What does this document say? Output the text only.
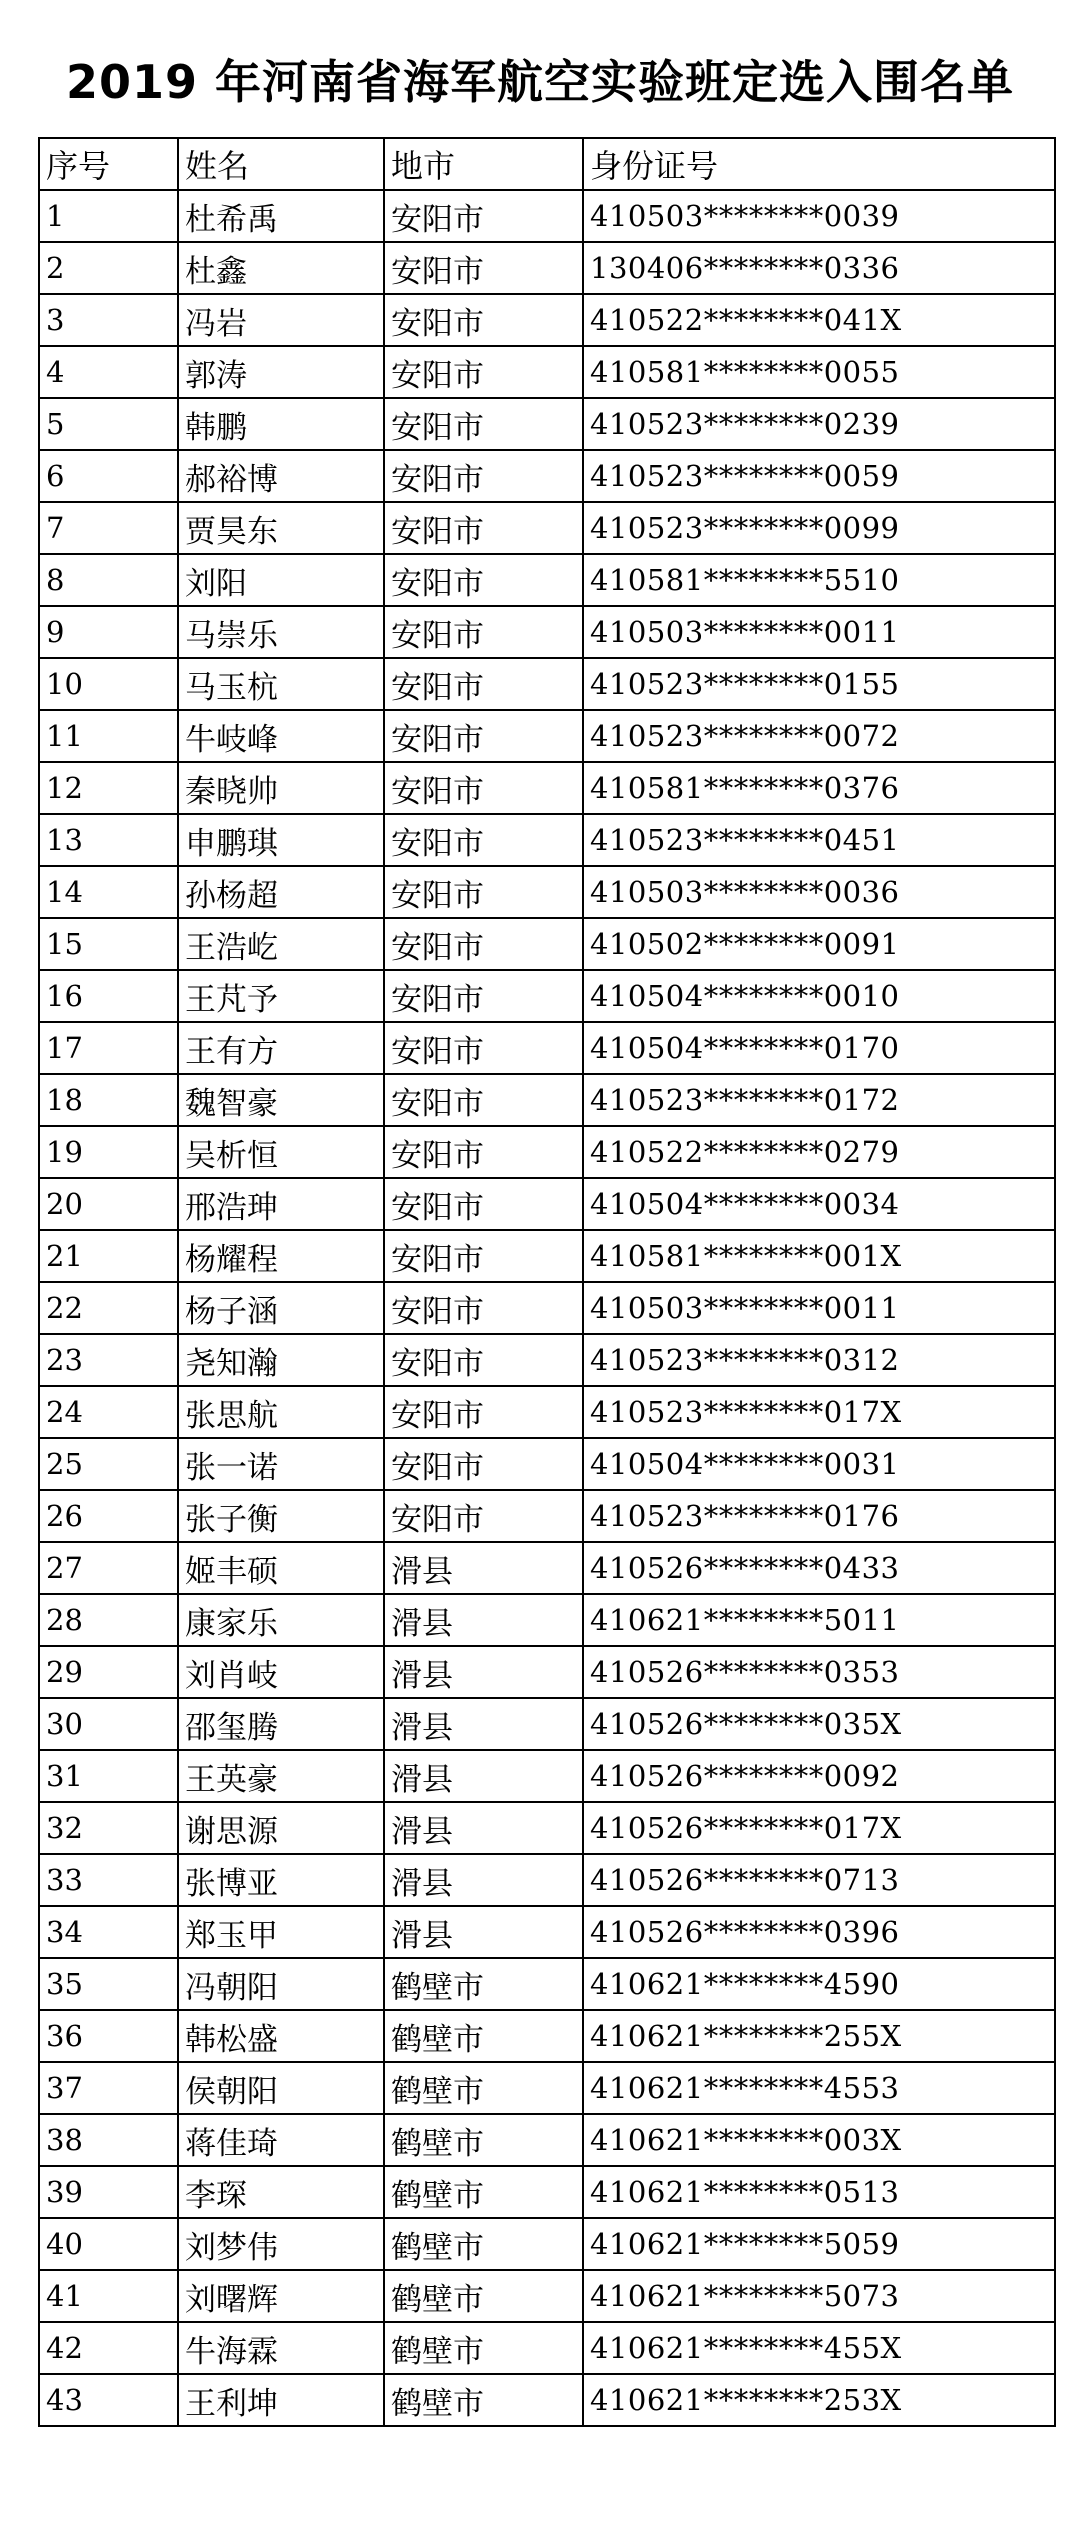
2019 年河南省海军航空实验班定选入围名单
序号	姓名	地市	身份证号
1	杜希禹	安阳市	410503********0039
2	杜鑫	安阳市	130406********0336
3	冯岩	安阳市	410522********041X
4	郭涛	安阳市	410581********0055
5	韩鹏	安阳市	410523********0239
6	郝裕博	安阳市	410523********0059
7	贾昊东	安阳市	410523********0099
8	刘阳	安阳市	410581********5510
9	马崇乐	安阳市	410503********0011
10	马玉杭	安阳市	410523********0155
11	牛岐峰	安阳市	410523********0072
12	秦晓帅	安阳市	410581********0376
13	申鹏琪	安阳市	410523********0451
14	孙杨超	安阳市	410503********0036
15	王浩屹	安阳市	410502********0091
16	王芃予	安阳市	410504********0010
17	王有方	安阳市	410504********0170
18	魏智豪	安阳市	410523********0172
19	吴析恒	安阳市	410522********0279
20	邢浩珅	安阳市	410504********0034
21	杨耀程	安阳市	410581********001X
22	杨子涵	安阳市	410503********0011
23	尧知瀚	安阳市	410523********0312
24	张思航	安阳市	410523********017X
25	张一诺	安阳市	410504********0031
26	张子衡	安阳市	410523********0176
27	姬丰硕	滑县	410526********0433
28	康家乐	滑县	410621********5011
29	刘肖岐	滑县	410526********0353
30	邵玺腾	滑县	410526********035X
31	王英豪	滑县	410526********0092
32	谢思源	滑县	410526********017X
33	张博亚	滑县	410526********0713
34	郑玉甲	滑县	410526********0396
35	冯朝阳	鹤壁市	410621********4590
36	韩松盛	鹤壁市	410621********255X
37	侯朝阳	鹤壁市	410621********4553
38	蒋佳琦	鹤壁市	410621********003X
39	李琛	鹤壁市	410621********0513
40	刘梦伟	鹤壁市	410621********5059
41	刘曙辉	鹤壁市	410621********5073
42	牛海霖	鹤壁市	410621********455X
43	王利坤	鹤壁市	410621********253X
